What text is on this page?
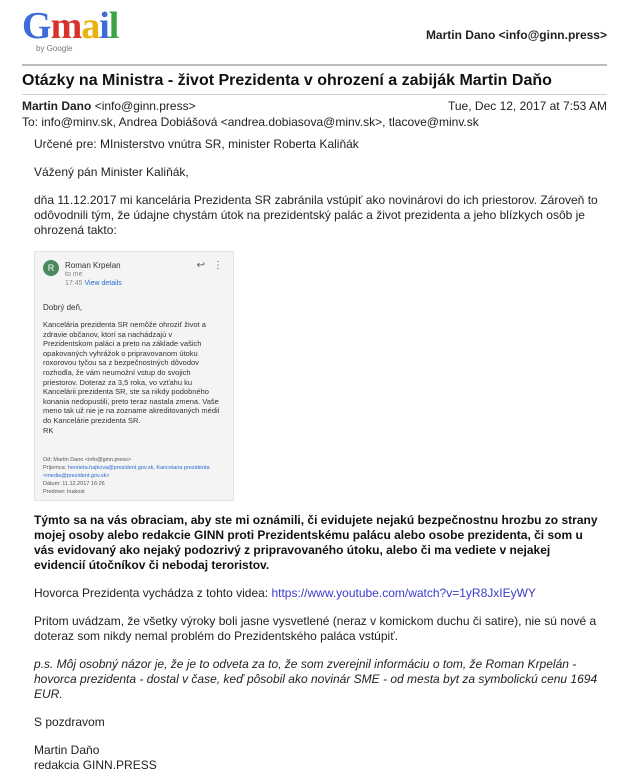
Gmail
by Google
Martin Dano <info@ginn.press>
Otázky na Ministra - život Prezidenta v ohrození a zabiják Martin Daňo
Martin Dano <info@ginn.press>	Tue, Dec 12, 2017 at 7:53 AM
To: info@minv.sk, Andrea Dobiášová <andrea.dobiasova@minv.sk>, tlacove@minv.sk

Určené pre: MInisterstvo vnútra SR, minister Roberta Kaliňák

Vážený pán Minister Kaliňák,

dňa 11.12.2017 mi kancelária Prezidenta SR zabránila vstúpiť ako novinárovi do ich priestorov. Zároveň to odôvodnili tým, že údajne chystám útok na prezidentský palác a život prezidenta a jeho blízkych osôb je ohrozená takto:

R	Roman Krpelan
to me
17:45 View details
↩ ⋮
Dobrý deň,
Kancelária prezidenta SR nemôže ohroziť život a zdravie občanov, ktorí sa nachádzajú v Prezidentskom paláci a preto na základe vašich opakovaných vyhrážok o pripravovanom útoku roxorovou tyčou sa z bezpečnostných dôvodov rozhodla, že vám neumožní vstup do svojich priestorov. Doteraz za 3,5 roka, vo vzťahu ku Kancelárii prezidenta SR, ste sa nikdy podobného konania nedopustili, preto teraz nastala zmena. Vaše meno tak už nie je na zozname akreditovaných médií do Kancelárie prezidenta SR.
RK
Od: Martin Dano <info@ginn.press>
Príjemca: henrieta.hajkova@prezident.gov.sk, Kancelaria prezidenta <media@prezident.gov.sk>
Dátum: 11.12.2017 16:26
Predmet: Inakost

Týmto sa na vás obraciam, aby ste mi oznámili, či evidujete nejakú bezpečnostnu hrozbu zo strany mojej osoby alebo redakcie GINN proti Prezidentskému palácu alebo osobe prezidenta, či som u vás evidovaný ako nejaký podozrivý z pripravovaného útoku, alebo či ma vediete v nejakej evidencií útočníkov či nebodaj teroristov.

Hovorca Prezidenta vychádza z tohto videa: https://www.youtube.com/watch?v=1yR8JxIEyWY

Pritom uvádzam, že všetky výroky boli jasne vysvetlené (neraz v komickom duchu či satire), nie sú nové a doteraz som nikdy nemal problém do Prezidentského paláca vstúpiť.

p.s. Môj osobný názor je, že je to odveta za to, že som zverejnil informáciu o tom, že Roman Krpelán - hovorca prezidenta - dostal v čase, keď pôsobil ako novinár SME - od mesta byt za symbolickú cenu 1694 EUR.

S pozdravom

Martin Daňo

redakcia GINN.PRESS
